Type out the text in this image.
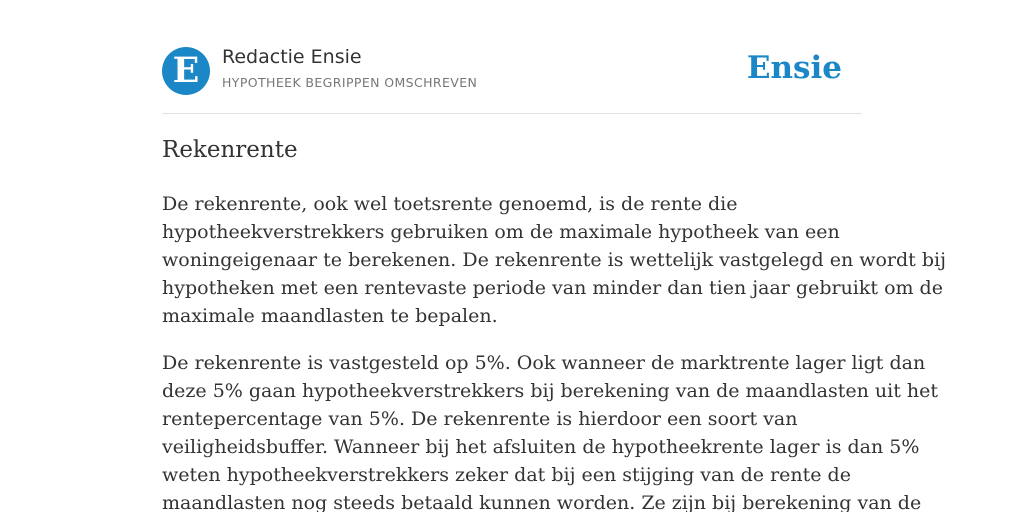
E	Redactie Ensie
HYPOTHEEK BEGRIPPEN OMSCHREVEN	Ensie
Rekenrente

De rekenrente, ook wel toetsrente genoemd, is de rente die
hypotheekverstrekkers gebruiken om de maximale hypotheek van een
woningeigenaar te berekenen. De rekenrente is wettelijk vastgelegd en wordt bij
hypotheken met een rentevaste periode van minder dan tien jaar gebruikt om de
maximale maandlasten te bepalen.

De rekenrente is vastgesteld op 5%. Ook wanneer de marktrente lager ligt dan
deze 5% gaan hypotheekverstrekkers bij berekening van de maandlasten uit het
rentepercentage van 5%. De rekenrente is hierdoor een soort van
veiligheidsbuffer. Wanneer bij het afsluiten de hypotheekrente lager is dan 5%
weten hypotheekverstrekkers zeker dat bij een stijging van de rente de
maandlasten nog steeds betaald kunnen worden. Ze zijn bij berekening van de
